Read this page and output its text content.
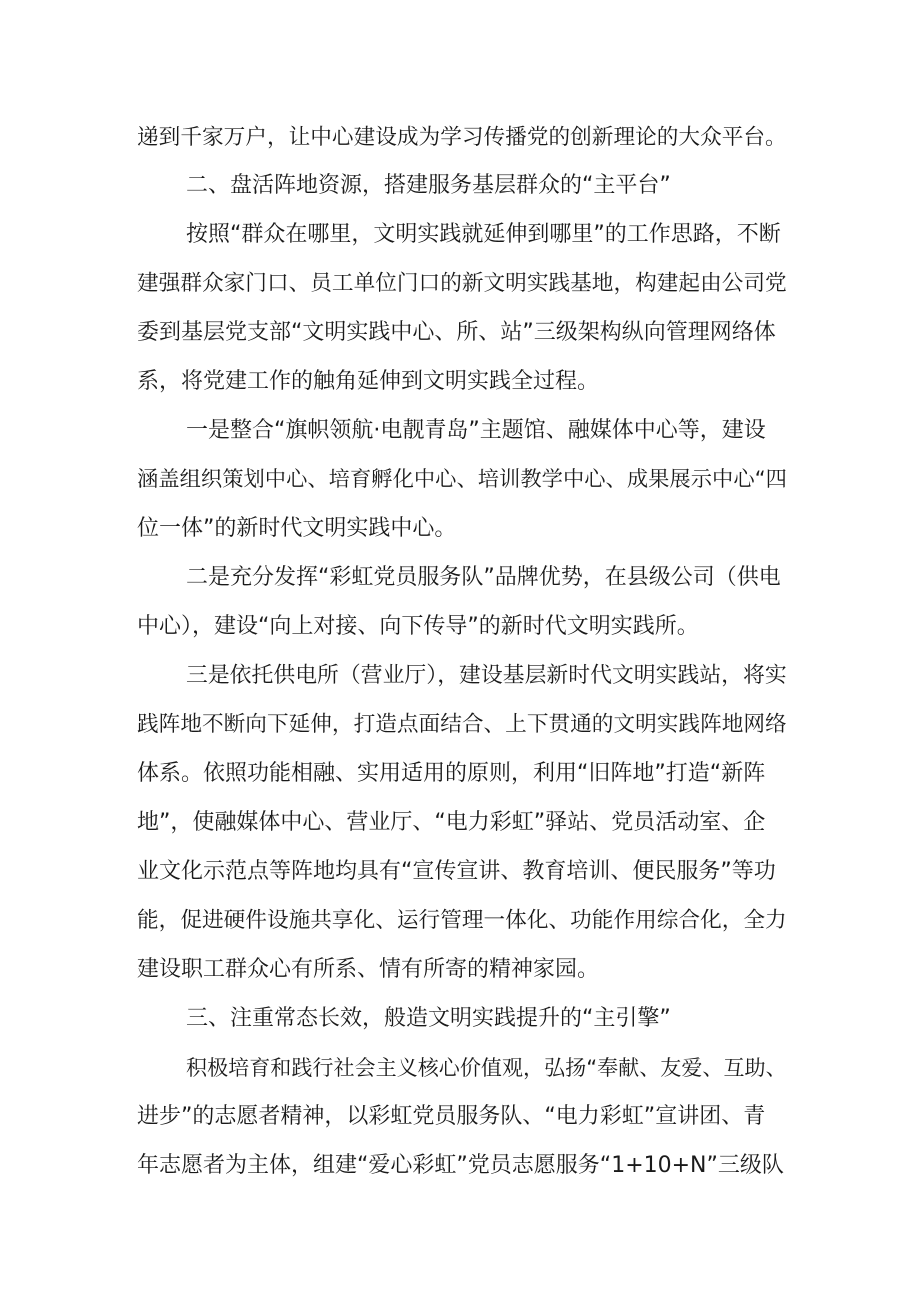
递到千家万户，让中心建设成为学习传播党的创新理论的大众平台。
二、盘活阵地资源，搭建服务基层群众的“主平台”
按照“群众在哪里，文明实践就延伸到哪里”的工作思路，不断
建强群众家门口、员工单位门口的新文明实践基地，构建起由公司党
委到基层党支部“文明实践中心、所、站”三级架构纵向管理网络体
系，将党建工作的触角延伸到文明实践全过程。
一是整合“旗帜领航·电靓青岛”主题馆、融媒体中心等，建设
涵盖组织策划中心、培育孵化中心、培训教学中心、成果展示中心“四
位一体”的新时代文明实践中心。
二是充分发挥“彩虹党员服务队”品牌优势，在县级公司（供电
中心），建设“向上对接、向下传导”的新时代文明实践所。
三是依托供电所（营业厅），建设基层新时代文明实践站，将实
践阵地不断向下延伸，打造点面结合、上下贯通的文明实践阵地网络
体系。依照功能相融、实用适用的原则，利用“旧阵地”打造“新阵
地”，使融媒体中心、营业厅、“电力彩虹”驿站、党员活动室、企
业文化示范点等阵地均具有“宣传宣讲、教育培训、便民服务”等功
能，促进硬件设施共享化、运行管理一体化、功能作用综合化，全力
建设职工群众心有所系、情有所寄的精神家园。
三、注重常态长效，般造文明实践提升的“主引擎”
积极培育和践行社会主义核心价值观，弘扬“奉献、友爱、互助、
进步”的志愿者精神，以彩虹党员服务队、“电力彩虹”宣讲团、青
年志愿者为主体，组建“爱心彩虹”党员志愿服务“1+10+N”三级队
